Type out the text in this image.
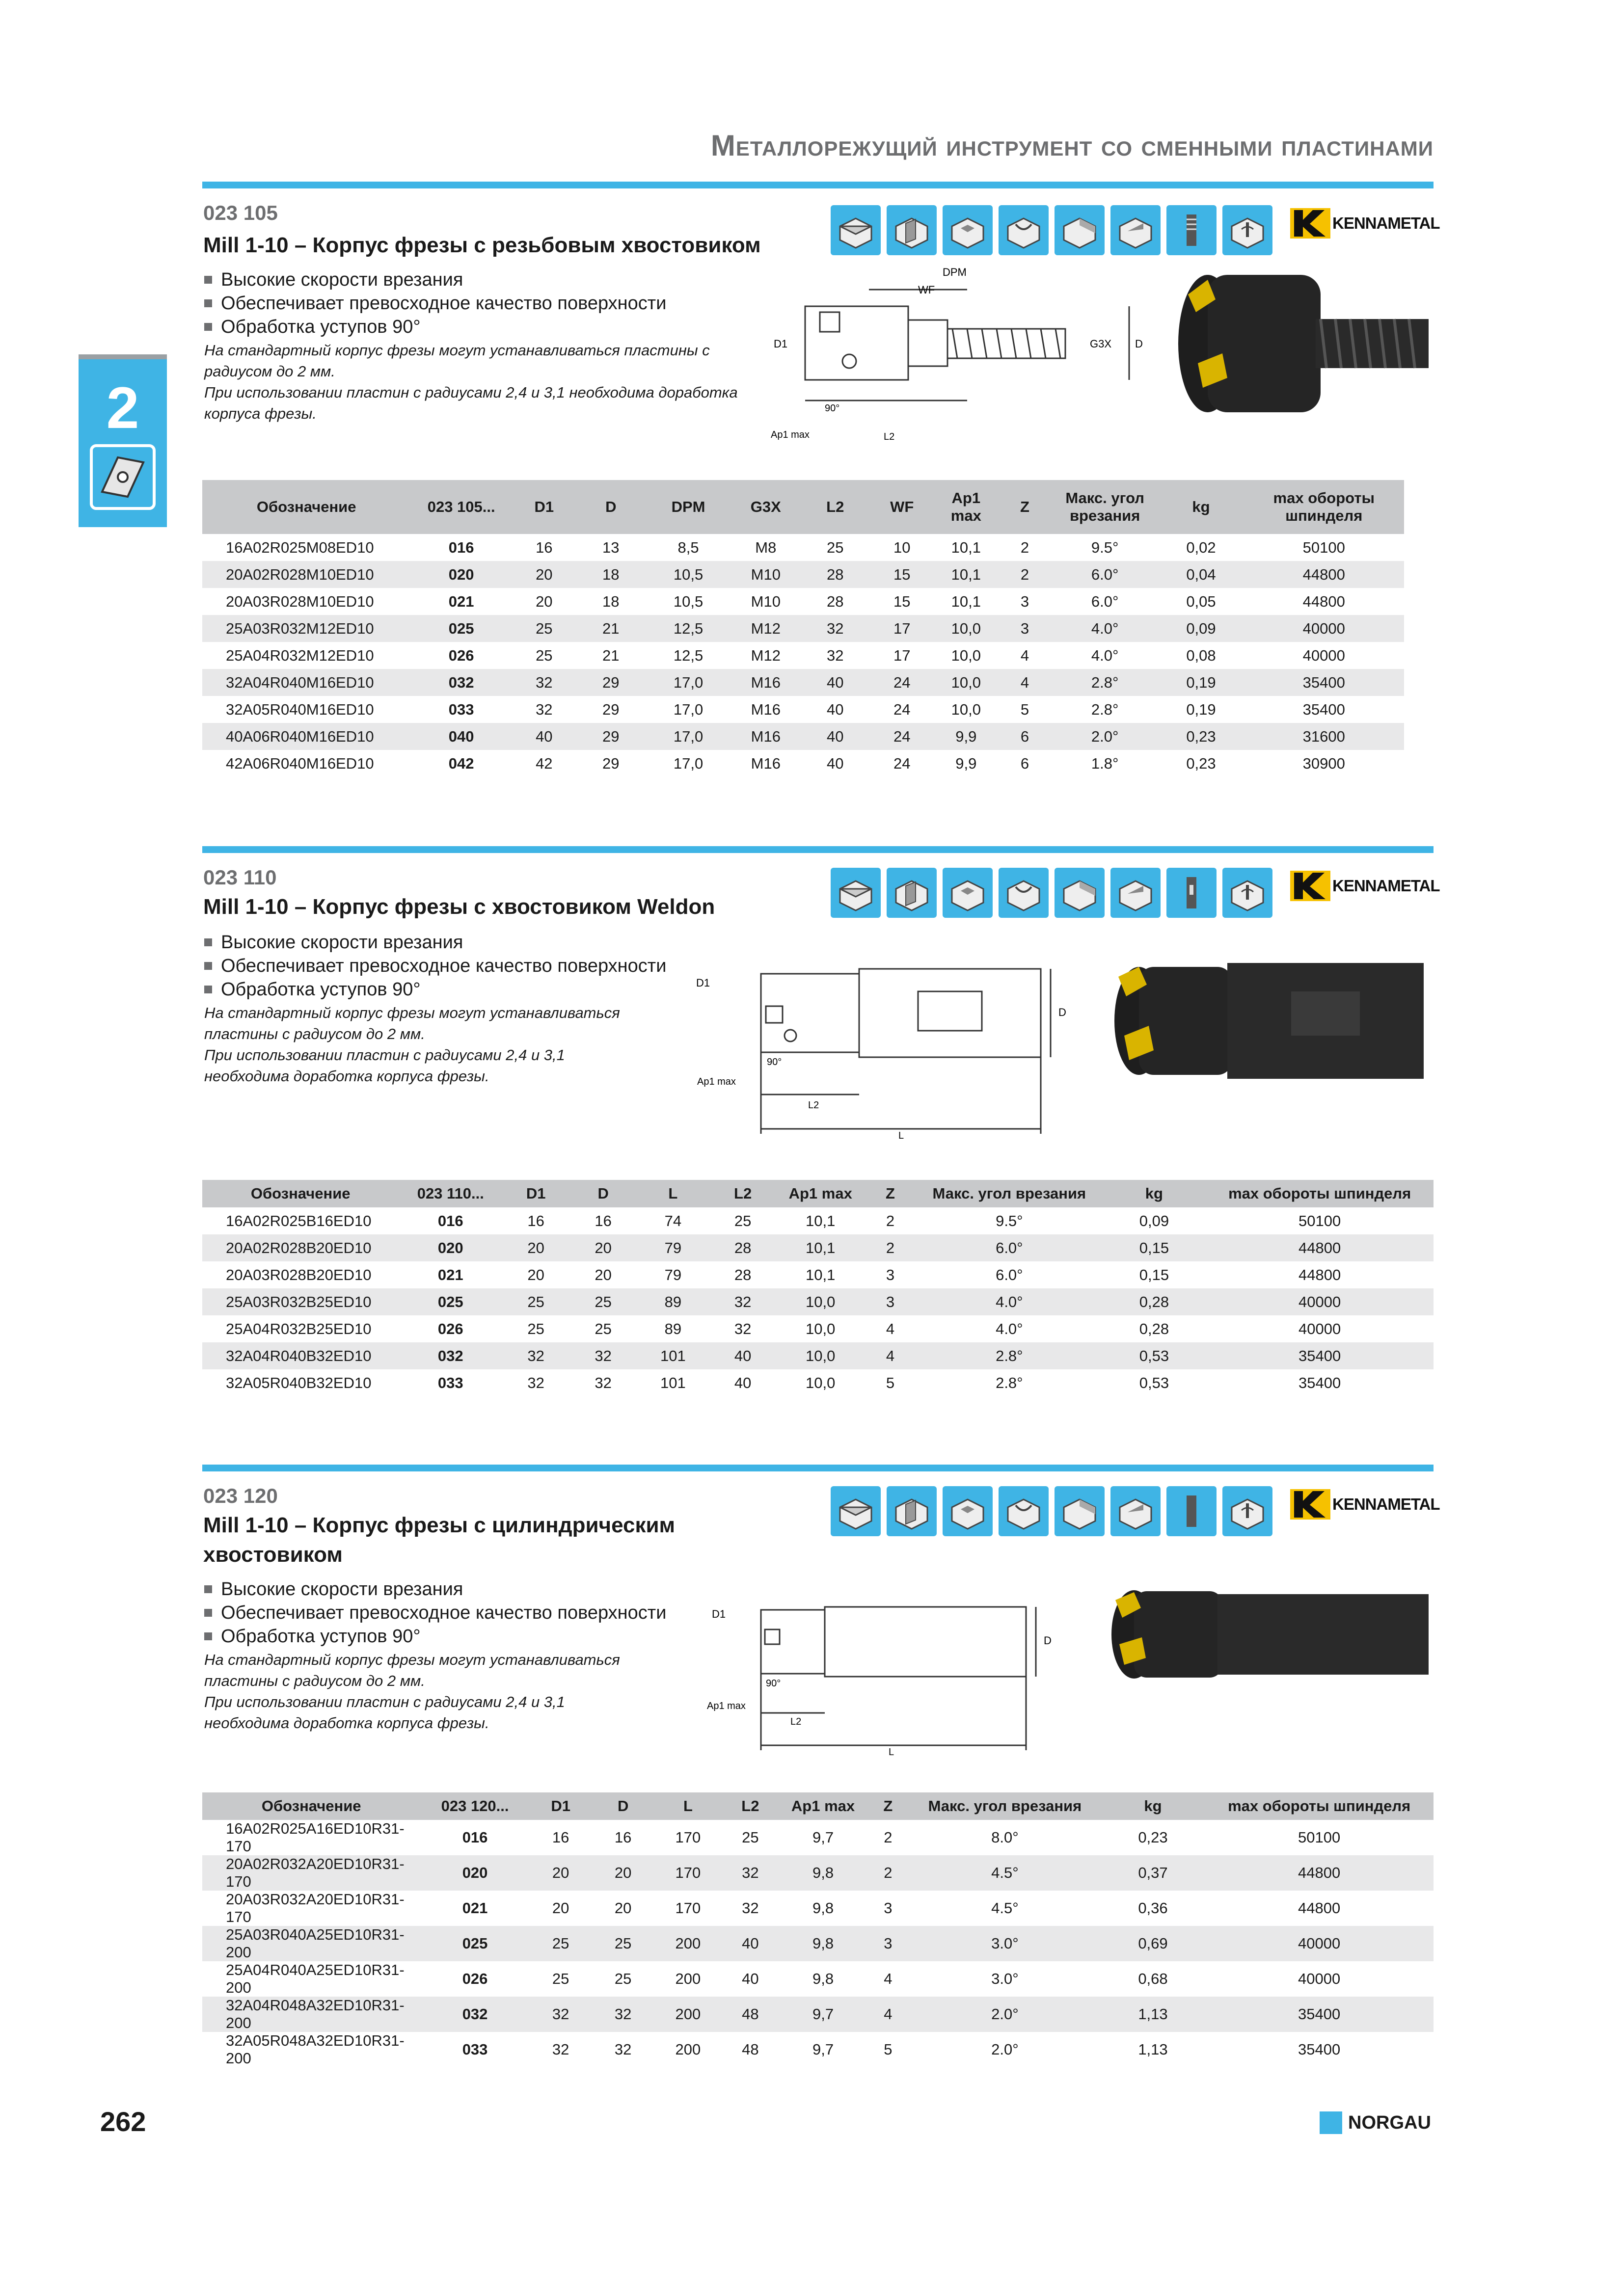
Металлорежущий инструмент со сменными пластинами
2
023 105
Mill 1-10 – Корпус фрезы с резьбовым хвостовиком
Высокие скорости врезания
Обеспечивает превосходное качество поверхности
Обработка уступов 90°
На стандартный корпус фрезы могут устанавливаться пластины с
радиусом до 2 мм.
При использовании пластин с радиусами 2,4 и 3,1 необходима доработка
корпуса фрезы.
KENNAMETAL
DPM
WF
D1	G3X D
90°
Ap1 max	L2
Обозначение	023 105...	D1	D	DPM	G3X	L2	WF	Ap1 max	Z	Макс. угол врезания	kg	max обороты шпинделя
16A02R025M08ED10	016	16	13	8,5	M8	25	10	10,1	2	9.5°	0,02	50100
20A02R028M10ED10	020	20	18	10,5	M10	28	15	10,1	2	6.0°	0,04	44800
20A03R028M10ED10	021	20	18	10,5	M10	28	15	10,1	3	6.0°	0,05	44800
25A03R032M12ED10	025	25	21	12,5	M12	32	17	10,0	3	4.0°	0,09	40000
25A04R032M12ED10	026	25	21	12,5	M12	32	17	10,0	4	4.0°	0,08	40000
32A04R040M16ED10	032	32	29	17,0	M16	40	24	10,0	4	2.8°	0,19	35400
32A05R040M16ED10	033	32	29	17,0	M16	40	24	10,0	5	2.8°	0,19	35400
40A06R040M16ED10	040	40	29	17,0	M16	40	24	9,9	6	2.0°	0,23	31600
42A06R040M16ED10	042	42	29	17,0	M16	40	24	9,9	6	1.8°	0,23	30900
023 110
Mill 1-10 – Корпус фрезы с хвостовиком Weldon
Высокие скорости врезания
Обеспечивает превосходное качество поверхности
Обработка уступов 90°
На стандартный корпус фрезы могут устанавливаться
пластины с радиусом до 2 мм.
При использовании пластин с радиусами 2,4 и 3,1
необходима доработка корпуса фрезы.
KENNAMETAL
D1
D
90°
Ap1 max
L2
L
Обозначение	023 110...	D1	D	L	L2	Ap1 max	Z	Макс. угол врезания	kg	max обороты шпинделя
16A02R025B16ED10	016	16	16	74	25	10,1	2	9.5°	0,09	50100
20A02R028B20ED10	020	20	20	79	28	10,1	2	6.0°	0,15	44800
20A03R028B20ED10	021	20	20	79	28	10,1	3	6.0°	0,15	44800
25A03R032B25ED10	025	25	25	89	32	10,0	3	4.0°	0,28	40000
25A04R032B25ED10	026	25	25	89	32	10,0	4	4.0°	0,28	40000
32A04R040B32ED10	032	32	32	101	40	10,0	4	2.8°	0,53	35400
32A05R040B32ED10	033	32	32	101	40	10,0	5	2.8°	0,53	35400
023 120
Mill 1-10 – Корпус фрезы с цилиндрическим
хвостовиком
Высокие скорости врезания
Обеспечивает превосходное качество поверхности
Обработка уступов 90°
На стандартный корпус фрезы могут устанавливаться
пластины с радиусом до 2 мм.
При использовании пластин с радиусами 2,4 и 3,1
необходима доработка корпуса фрезы.
KENNAMETAL
D1
D
90°
Ap1 max
L2
L
Обозначение	023 120...	D1	D	L	L2	Ap1 max	Z	Макс. угол врезания	kg	max обороты шпинделя
16A02R025A16ED10R31-170	016	16	16	170	25	9,7	2	8.0°	0,23	50100
20A02R032A20ED10R31-170	020	20	20	170	32	9,8	2	4.5°	0,37	44800
20A03R032A20ED10R31-170	021	20	20	170	32	9,8	3	4.5°	0,36	44800
25A03R040A25ED10R31-200	025	25	25	200	40	9,8	3	3.0°	0,69	40000
25A04R040A25ED10R31-200	026	25	25	200	40	9,8	4	3.0°	0,68	40000
32A04R048A32ED10R31-200	032	32	32	200	48	9,7	4	2.0°	1,13	35400
32A05R048A32ED10R31-200	033	32	32	200	48	9,7	5	2.0°	1,13	35400
262	NORGAU
